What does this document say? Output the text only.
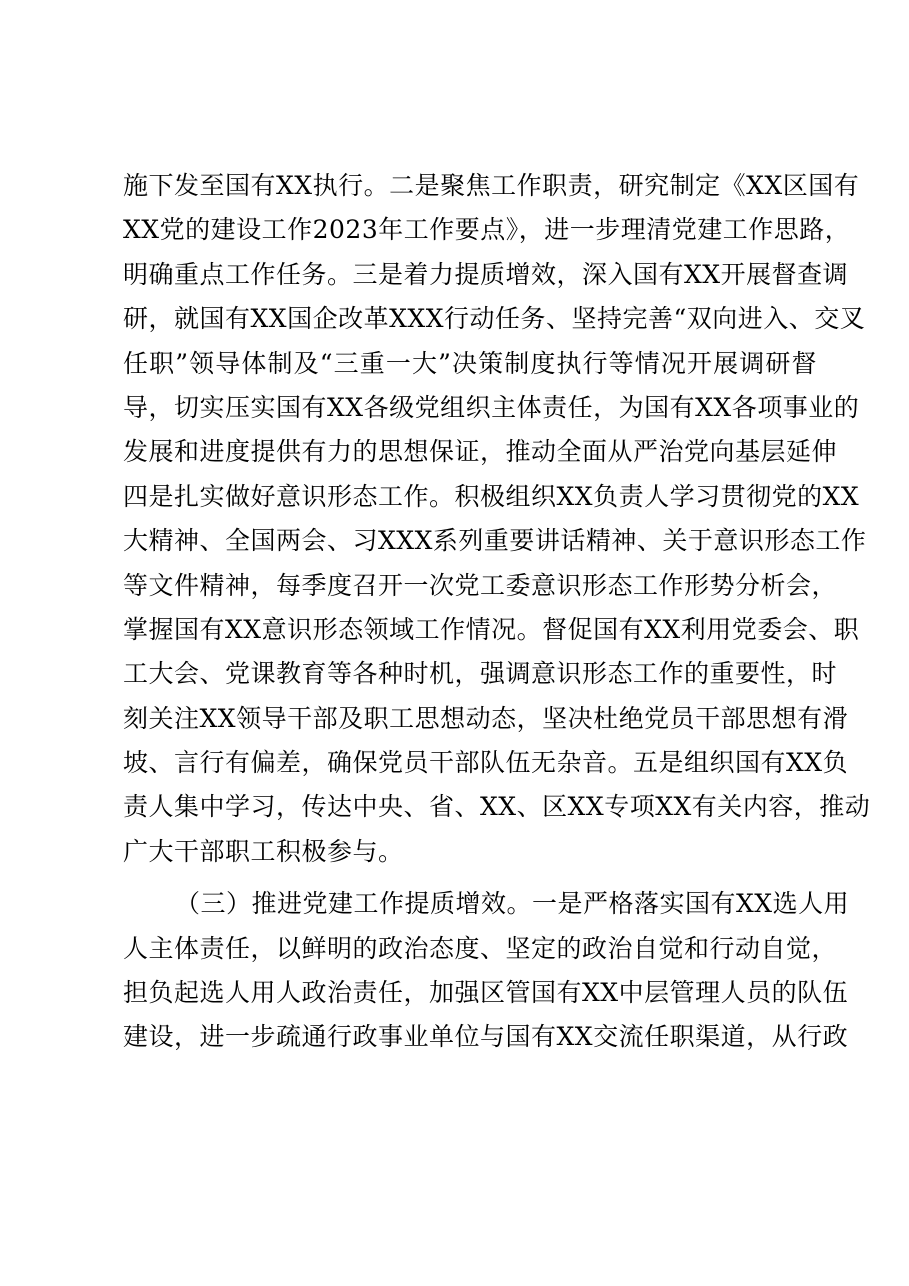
施下发至国有XX执行。二是聚焦工作职责，研究制定《XX区国有
XX党的建设工作2023年工作要点》，进一步理清党建工作思路，
明确重点工作任务。三是着力提质增效，深入国有XX开展督查调
研，就国有XX国企改革XXX行动任务、坚持完善“双向进入、交叉
任职”领导体制及“三重一大”决策制度执行等情况开展调研督
导，切实压实国有XX各级党组织主体责任，为国有XX各项事业的
发展和进度提供有力的思想保证，推动全面从严治党向基层延伸
四是扎实做好意识形态工作。积极组织XX负责人学习贯彻党的XX
大精神、全国两会、习XXX系列重要讲话精神、关于意识形态工作
等文件精神，每季度召开一次党工委意识形态工作形势分析会，
掌握国有XX意识形态领域工作情况。督促国有XX利用党委会、职
工大会、党课教育等各种时机，强调意识形态工作的重要性，时
刻关注XX领导干部及职工思想动态，坚决杜绝党员干部思想有滑
坡、言行有偏差，确保党员干部队伍无杂音。五是组织国有XX负
责人集中学习，传达中央、省、XX、区XX专项XX有关内容，推动
广大干部职工积极参与。
（三）推进党建工作提质增效。一是严格落实国有XX选人用
人主体责任，以鲜明的政治态度、坚定的政治自觉和行动自觉，
担负起选人用人政治责任，加强区管国有XX中层管理人员的队伍
建设，进一步疏通行政事业单位与国有XX交流任职渠道，从行政
